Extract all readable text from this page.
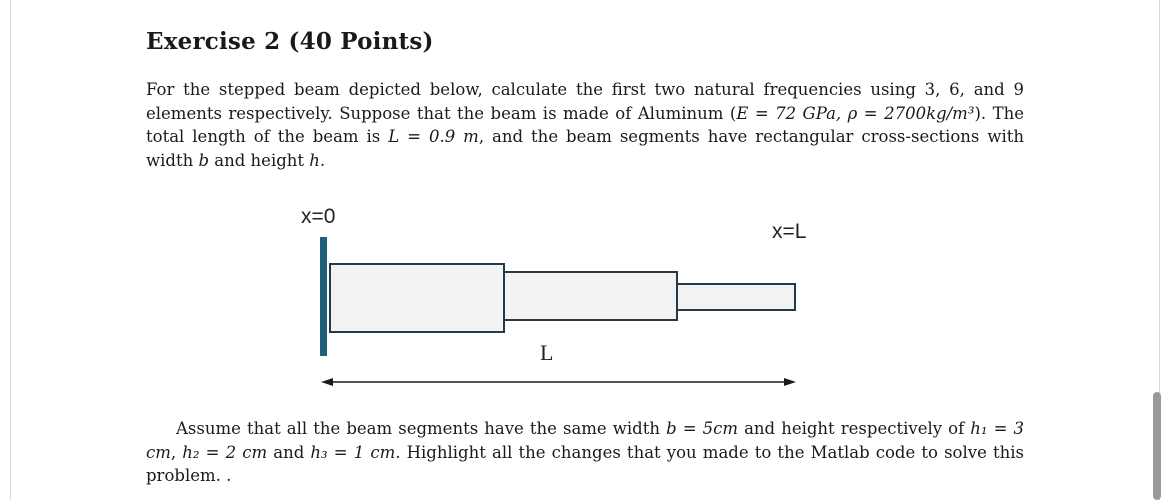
Exercise 2 (40 Points)
For the stepped beam depicted below, calculate the first two natural frequencies using 3, 6, and 9 elements respectively. Suppose that the beam is made of Aluminum (E = 72 GPa, ρ = 2700kg/m³). The total length of the beam is L = 0.9 m, and the beam segments have rectangular cross-sections with width b and height h.
x=0
x=L
L
Assume that all the beam segments have the same width b = 5cm and height respectively of h₁ = 3 cm, h₂ = 2 cm and h₃ = 1 cm. Highlight all the changes that you made to the Matlab code to solve this problem. .
